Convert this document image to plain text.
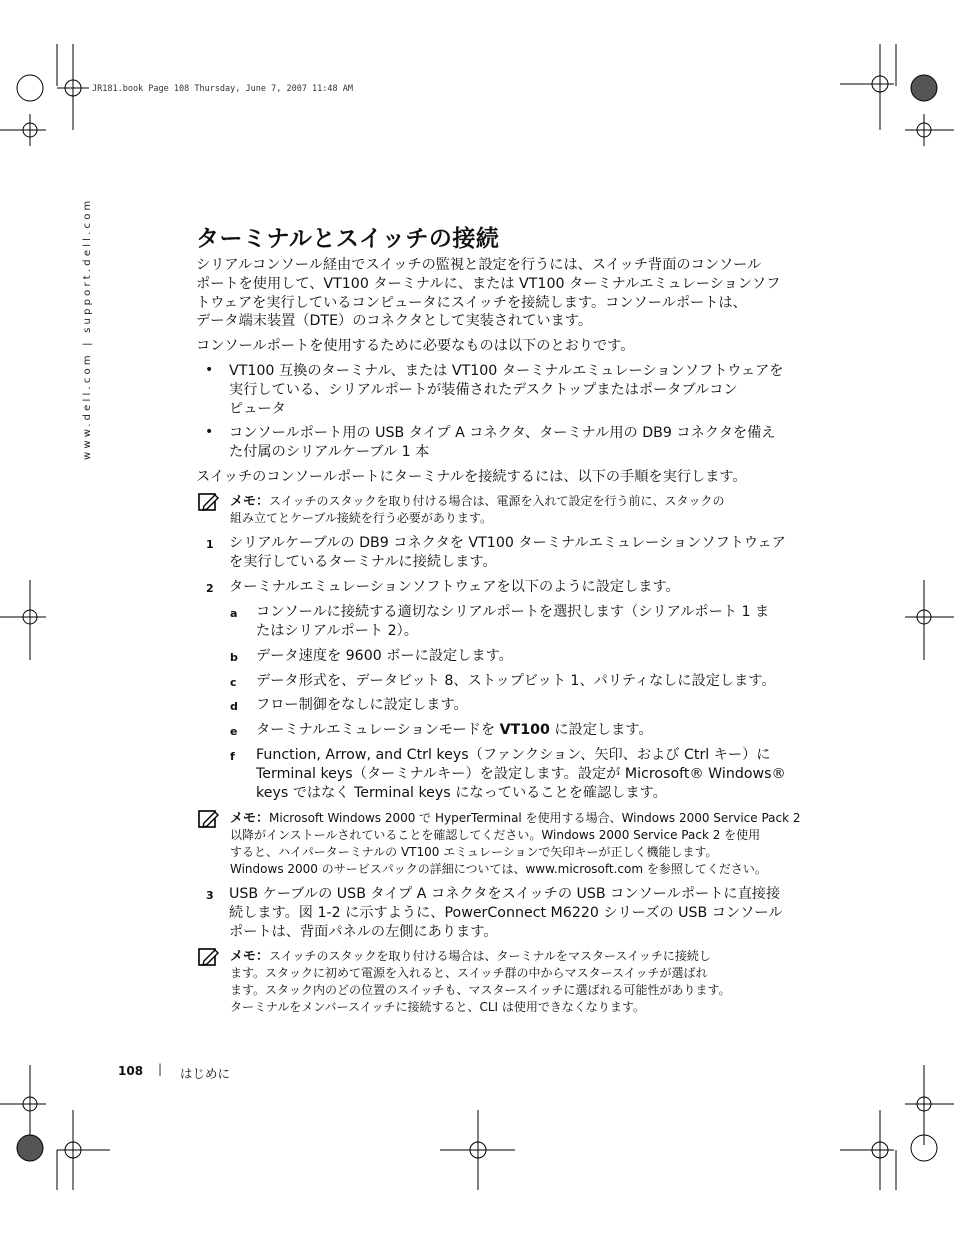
JR181.book Page 108 Thursday, June 7, 2007 11:48 AM
www.dell.com | support.dell.com	ターミナルとスイッチの接続
シリアルコンソール経由でスイッチの監視と設定を行うには、スイッチ背面のコンソール
ポートを使用して、VT100 ターミナルに、または VT100 ターミナルエミュレーションソフ
トウェアを実行しているコンピュータにスイッチを接続します。コンソールポートは、
データ端末装置（DTE）のコネクタとして実装されています。
コンソールポートを使用するために必要なものは以下のとおりです。
• VT100 互換のターミナル、または VT100 ターミナルエミュレーションソフトウェアを
実行している、シリアルポートが装備されたデスクトップまたはポータブルコン
ピュータ
• コンソールポート用の USB タイプ A コネクタ、ターミナル用の DB9 コネクタを備え
た付属のシリアルケーブル 1 本
スイッチのコンソールポートにターミナルを接続するには、以下の手順を実行します。
メモ：スイッチのスタックを取り付ける場合は、電源を入れて設定を行う前に、スタックの
組み立てとケーブル接続を行う必要があります。
1 シリアルケーブルの DB9 コネクタを VT100 ターミナルエミュレーションソフトウェア
を実行しているターミナルに接続します。
2 ターミナルエミュレーションソフトウェアを以下のように設定します。
a コンソールに接続する適切なシリアルポートを選択します（シリアルポート 1 ま
たはシリアルポート 2）。
b データ速度を 9600 ボーに設定します。
c データ形式を、データビット 8、ストップビット 1、パリティなしに設定します。
d フロー制御をなしに設定します。
e ターミナルエミュレーションモードを VT100 に設定します。
f Function, Arrow, and Ctrl keys（ファンクション、矢印、および Ctrl キー）に
Terminal keys（ターミナルキー）を設定します。設定が Microsoft® Windows®
keys ではなく Terminal keys になっていることを確認します。
メモ：Microsoft Windows 2000 で HyperTerminal を使用する場合、Windows 2000 Service Pack 2
以降がインストールされていることを確認してください。Windows 2000 Service Pack 2 を使用
すると、ハイパーターミナルの VT100 エミュレーションで矢印キーが正しく機能します。
Windows 2000 のサービスパックの詳細については、www.microsoft.com を参照してください。
3 USB ケーブルの USB タイプ A コネクタをスイッチの USB コンソールポートに直接接
続します。図 1-2 に示すように、PowerConnect M6220 シリーズの USB コンソール
ポートは、背面パネルの左側にあります。
メモ：スイッチのスタックを取り付ける場合は、ターミナルをマスタースイッチに接続し
ます。スタックに初めて電源を入れると、スイッチ群の中からマスタースイッチが選ばれ
ます。スタック内のどの位置のスイッチも、マスタースイッチに選ばれる可能性があります。
ターミナルをメンバースイッチに接続すると、CLI は使用できなくなります。
108 | はじめに
